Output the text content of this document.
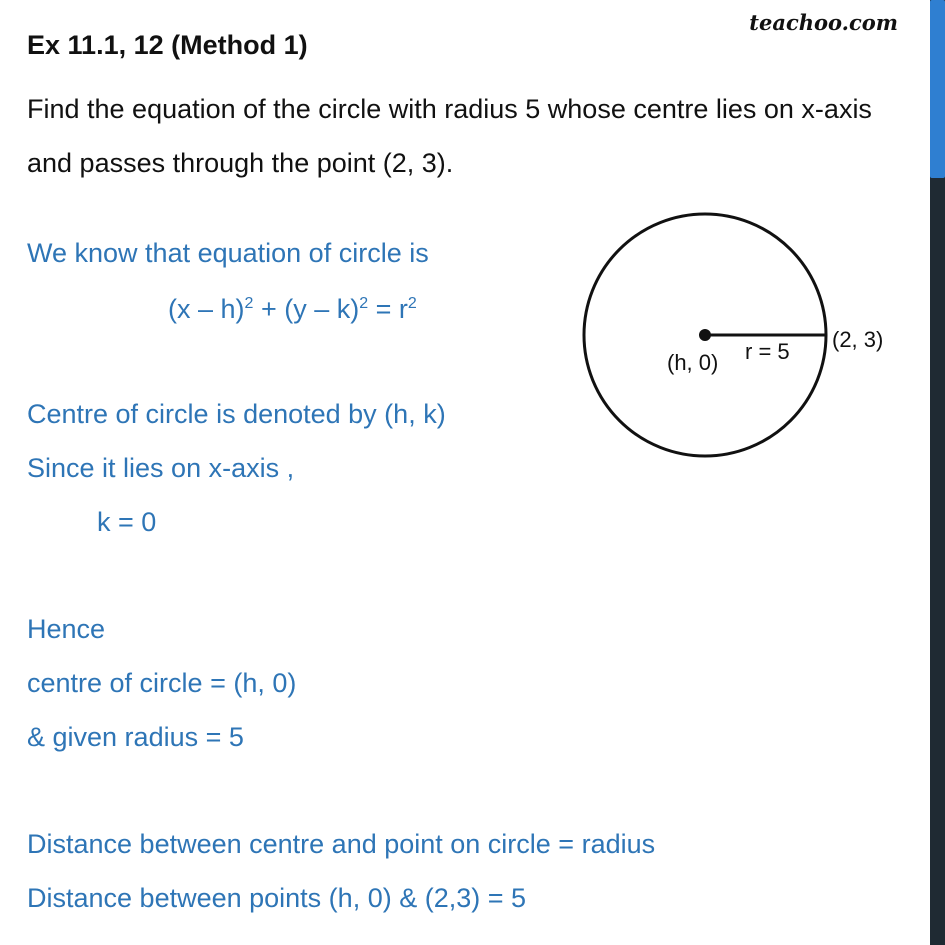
teachoo.com
Ex 11.1, 12 (Method 1)
Find the equation of the circle with radius 5 whose centre lies on x-axis and passes through the point (2, 3).
We know that equation of circle is
$(x - h)^2 + (y - k)^2 = r^2$
Centre of circle is denoted by (h, k)
Since it lies on x-axis ,
k = 0
Hence
centre of circle = (h, 0)
& given radius = 5
Distance between centre and point on circle = radius
Distance between points (h, 0) & (2,3) = 5
(h, 0) r = 5 (2, 3)
